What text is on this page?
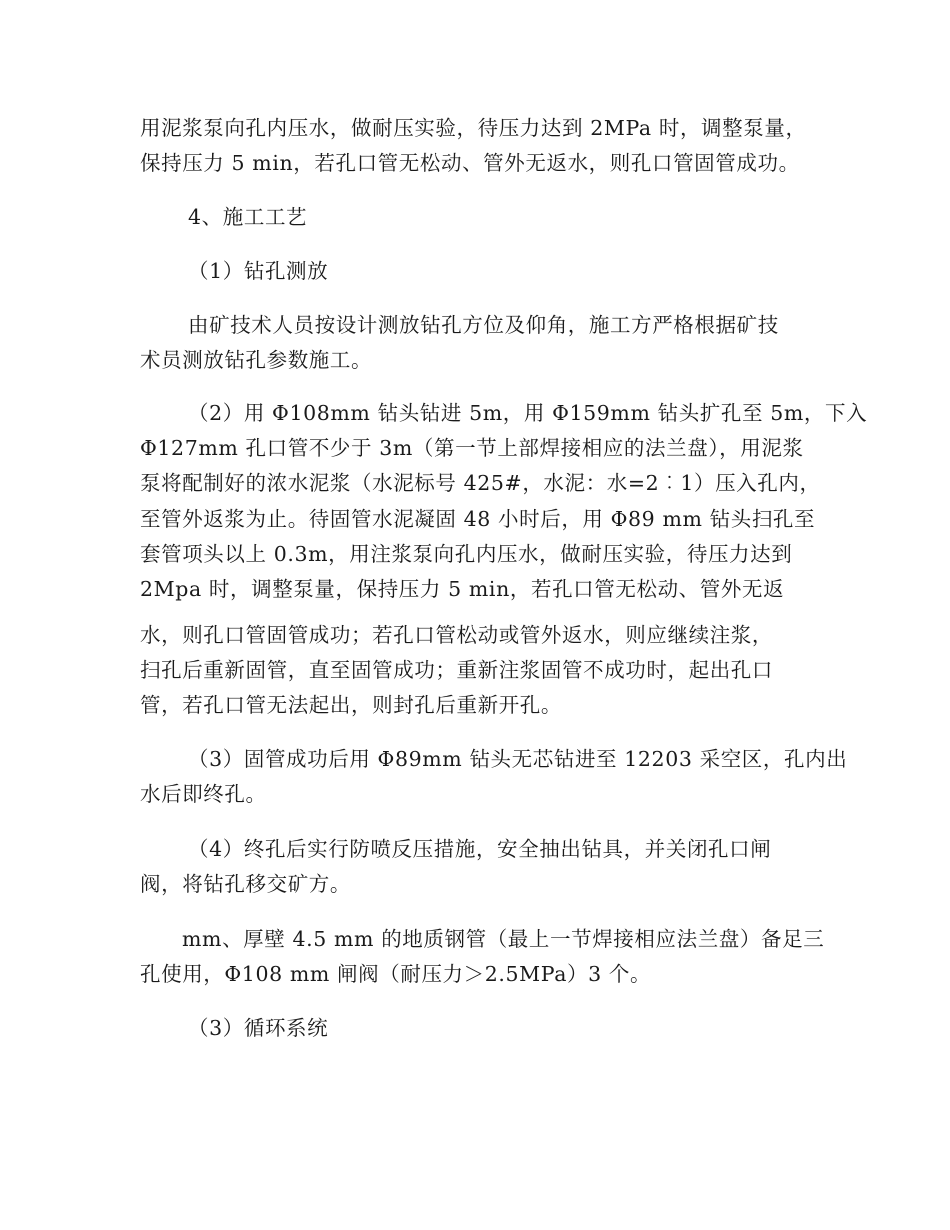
用泥浆泵向孔内压水，做耐压实验，待压力达到 2MPa 时，调整泵量，
保持压力 5 min，若孔口管无松动、管外无返水，则孔口管固管成功。
4、施工工艺
（1）钻孔测放
由矿技术人员按设计测放钻孔方位及仰角，施工方严格根据矿技
术员测放钻孔参数施工。
（2）用 Φ108mm 钻头钻进 5m，用 Φ159mm 钻头扩孔至 5m，下入
Φ127mm 孔口管不少于 3m（第一节上部焊接相应的法兰盘），用泥浆
泵将配制好的浓水泥浆（水泥标号 425#，水泥：水=2︰1）压入孔内，
至管外返浆为止。待固管水泥凝固 48 小时后，用 Φ89 mm 钻头扫孔至
套管项头以上 0.3m，用注浆泵向孔内压水，做耐压实验，待压力达到
2Mpa 时，调整泵量，保持压力 5 min，若孔口管无松动、管外无返
水，则孔口管固管成功；若孔口管松动或管外返水，则应继续注浆，
扫孔后重新固管，直至固管成功；重新注浆固管不成功时，起出孔口
管，若孔口管无法起出，则封孔后重新开孔。
（3）固管成功后用 Φ89mm 钻头无芯钻进至 12203 采空区，孔内出
水后即终孔。
（4）终孔后实行防喷反压措施，安全抽出钻具，并关闭孔口闸
阀，将钻孔移交矿方。
mm、厚壁 4.5 mm 的地质钢管（最上一节焊接相应法兰盘）备足三
孔使用，Φ108 mm 闸阀（耐压力＞2.5MPa）3 个。
（3）循环系统
